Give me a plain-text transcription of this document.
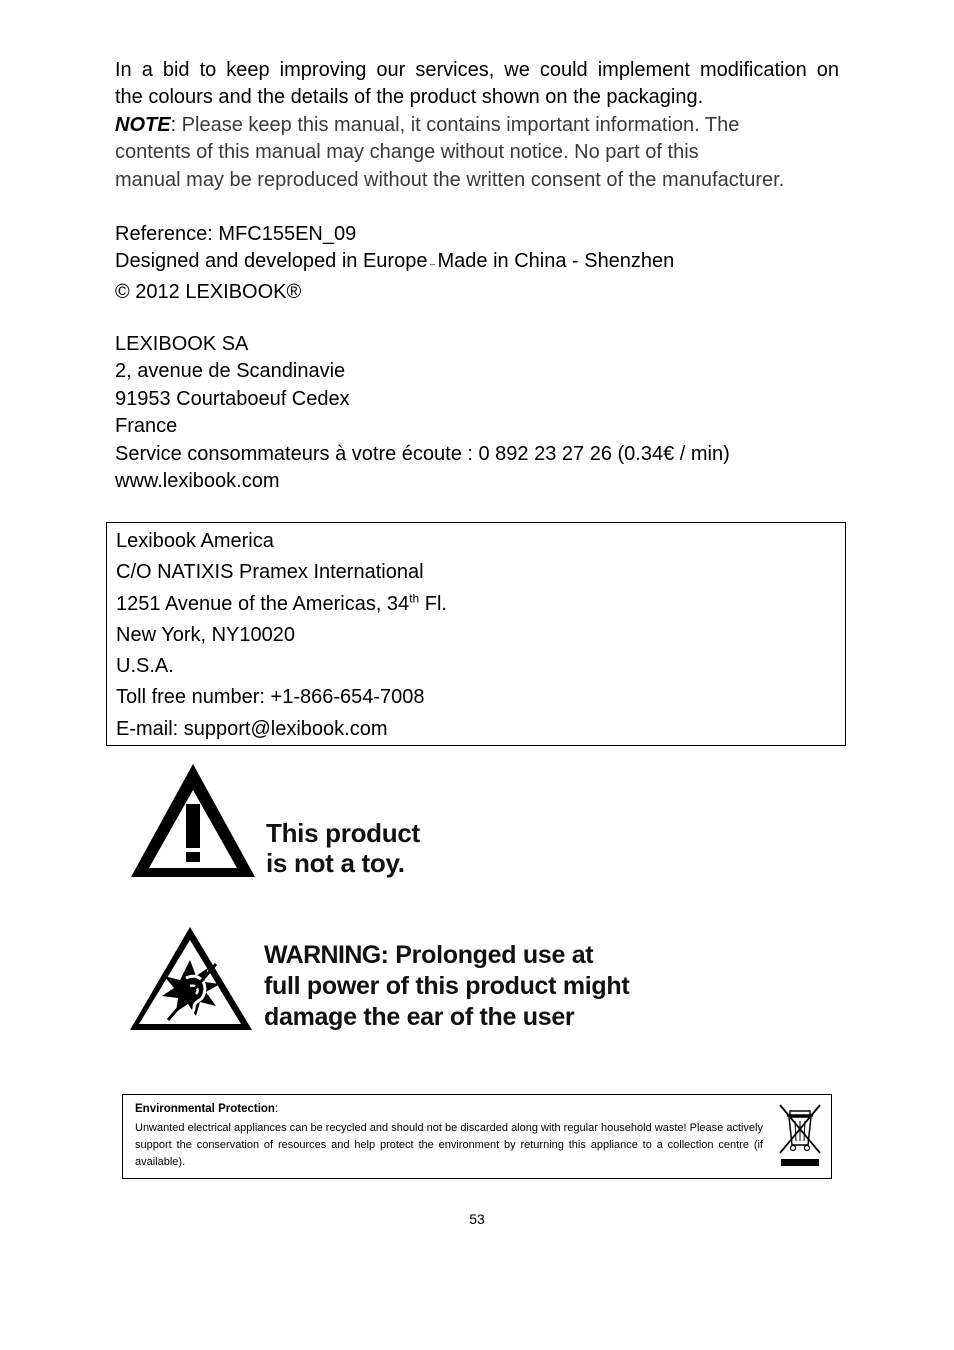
In a bid to keep improving our services, we could implement modification on
the colours and the details of the product shown on the packaging.
NOTE: Please keep this manual, it contains important information. The
contents of this manual may change without notice. No part of this
manual may be reproduced without the written consent of the manufacturer.
Reference: MFC155EN_09
Designed and developed in Europe – Made in China - Shenzhen
© 2012 LEXIBOOK®
LEXIBOOK SA
2, avenue de Scandinavie
91953 Courtaboeuf Cedex
France
Service consommateurs à votre écoute : 0 892 23 27 26 (0.34€ / min)
www.lexibook.com
Lexibook America
C/O NATIXIS Pramex International
1251 Avenue of the Americas, 34th Fl.
New York, NY10020
U.S.A.
Toll free number: +1-866-654-7008
E-mail: support@lexibook.com
This product
is not a toy.
WARNING: Prolonged use at
full power of this product might
damage the ear of the user
Environmental Protection:
Unwanted electrical appliances can be recycled and should not be discarded along with regular household waste! Please actively support the conservation of resources and help protect the environment by returning this appliance to a collection centre (if available).
53
